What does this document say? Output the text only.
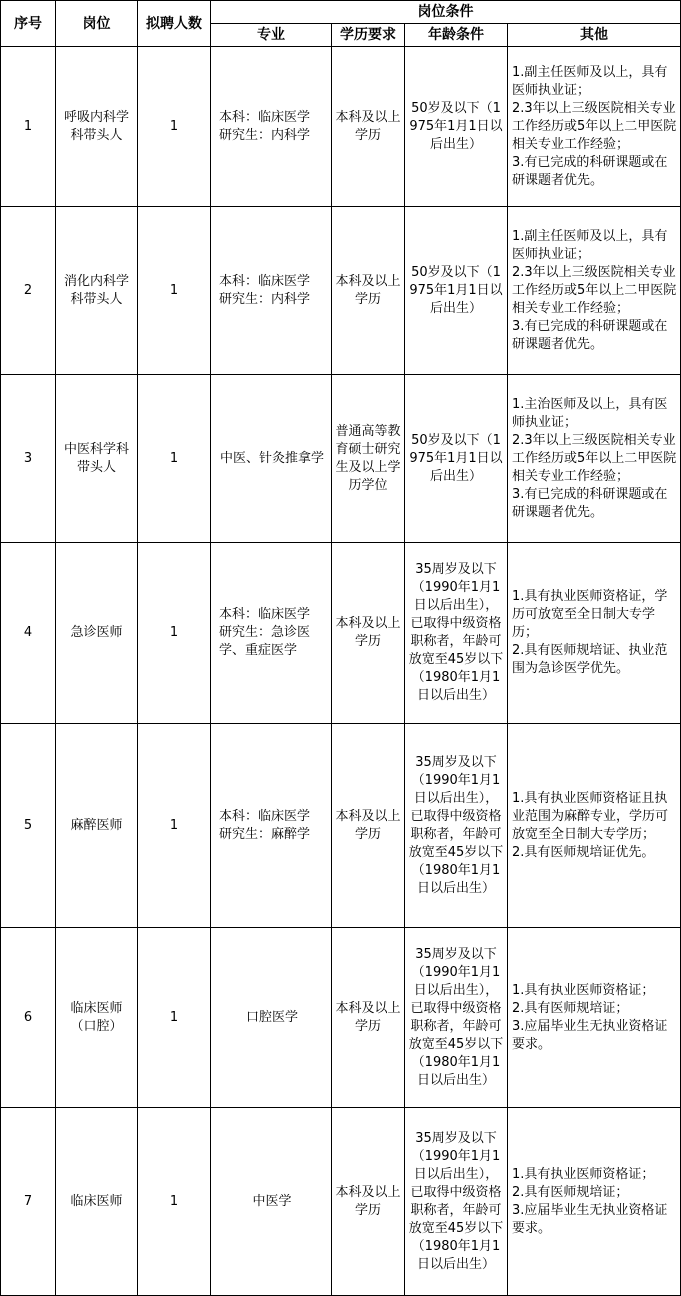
序号	岗位	拟聘人数	岗位条件			
			专业	学历要求	年龄条件	其他
1	呼吸内科学科带头人	1	本科：临床医学
研究生：内科学	本科及以上学历	50岁及以下（1975年1月1日以后出生）	1.副主任医师及以上，具有医师执业证；
2.3年以上三级医院相关专业工作经历或5年以上二甲医院相关专业工作经验；
3.有已完成的科研课题或在研课题者优先。

2	消化内科学科带头人	1	本科：临床医学
研究生：内科学	本科及以上学历	50岁及以下（1975年1月1日以后出生）	1.副主任医师及以上，具有医师执业证；
2.3年以上三级医院相关专业工作经历或5年以上二甲医院相关专业工作经验；
3.有已完成的科研课题或在研课题者优先。

3	中医科学科带头人	1	中医、针灸推拿学	普通高等教育硕士研究生及以上学历学位	50岁及以下（1975年1月1日以后出生）	1.主治医师及以上，具有医师执业证；
2.3年以上三级医院相关专业工作经历或5年以上二甲医院相关专业工作经验；
3.有已完成的科研课题或在研课题者优先。

4	急诊医师	1	本科：临床医学
研究生：急诊医学、重症医学	本科及以上学历	35周岁及以下（1990年1月1日以后出生），已取得中级资格职称者，年龄可放宽至45岁以下（1980年1月1日以后出生）	1.具有执业医师资格证，学历可放宽至全日制大专学历；
2.具有医师规培证、执业范围为急诊医学优先。

5	麻醉医师	1	本科：临床医学
研究生：麻醉学	本科及以上学历	35周岁及以下（1990年1月1日以后出生），已取得中级资格职称者，年龄可放宽至45岁以下（1980年1月1日以后出生）	1.具有执业医师资格证且执业范围为麻醉专业，学历可放宽至全日制大专学历；
2.具有医师规培证优先。

6	临床医师（口腔）	1	口腔医学	本科及以上学历	35周岁及以下（1990年1月1日以后出生），已取得中级资格职称者，年龄可放宽至45岁以下（1980年1月1日以后出生）	1.具有执业医师资格证；
2.具有医师规培证；
3.应届毕业生无执业资格证要求。

7	临床医师	1	中医学	本科及以上学历	35周岁及以下（1990年1月1日以后出生），已取得中级资格职称者，年龄可放宽至45岁以下（1980年1月1日以后出生）	1.具有执业医师资格证；
2.具有医师规培证；
3.应届毕业生无执业资格证要求。
